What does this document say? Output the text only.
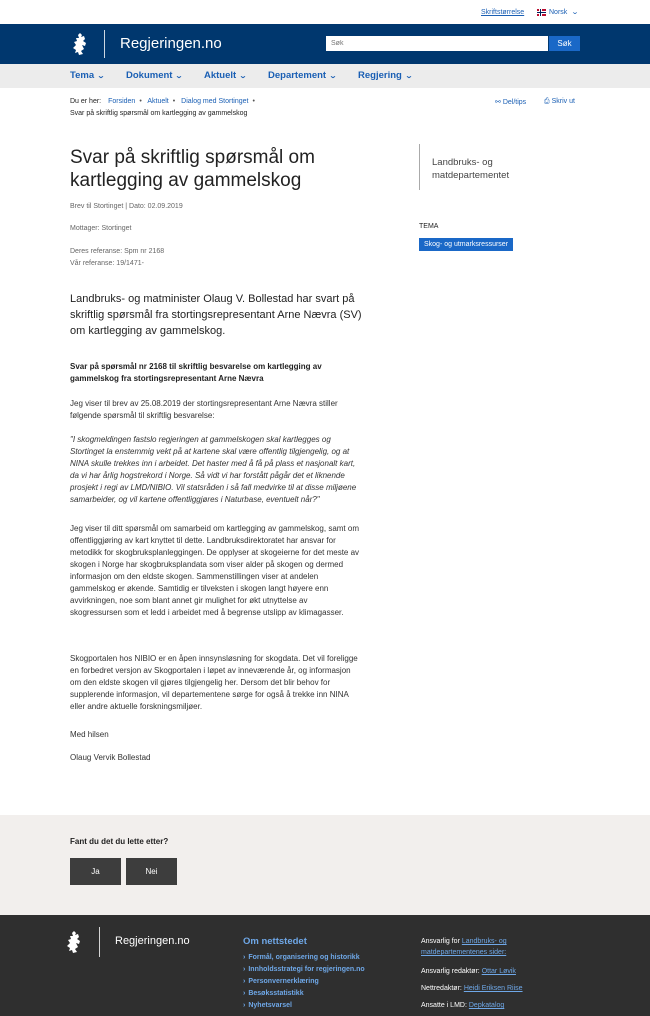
Skriftstørrelse	Norsk ⌄
Regjeringen.no
Søk	Søk
Tema ⌄ Dokument ⌄ Aktuelt ⌄ Departement ⌄ Regjering ⌄
Du er her: Forsiden • Aktuelt • Dialog med Stortinget •
Svar på skriftlig spørsmål om kartlegging av gammelskog
⚯ Del/tips	⎙ Skriv ut
Svar på skriftlig spørsmål om kartlegging av gammelskog
Brev til Stortinget | Dato: 02.09.2019
Mottager: Stortinget
Deres referanse: Spm nr 2168
Vår referanse: 19/1471-

Landbruks- og matminister Olaug V. Bollestad har svart på skriftlig spørsmål fra stortingsrepresentant Arne Nævra (SV) om kartlegging av gammelskog.

Svar på spørsmål nr 2168 til skriftlig besvarelse om kartlegging av gammelskog fra stortingsrepresentant Arne Nævra

Jeg viser til brev av 25.08.2019 der stortingsrepresentant Arne Nævra stiller følgende spørsmål til skriftlig besvarelse:

"I skogmeldingen fastslo regjeringen at gammelskogen skal kartlegges og Stortinget la enstemmig vekt på at kartene skal være offentlig tilgjengelig, og at NINA skulle trekkes inn i arbeidet. Det haster med å få på plass et nasjonalt kart, da vi har årlig hogstrekord i Norge. Så vidt vi har forstått pågår det et liknende prosjekt i regi av LMD/NIBIO. Vil statsråden i så fall medvirke til at disse miljøene samarbeider, og vil kartene offentliggjøres i Naturbase, eventuelt når?"

Jeg viser til ditt spørsmål om samarbeid om kartlegging av gammelskog, samt om offentliggjøring av kart knyttet til dette. Landbruksdirektoratet har ansvar for metodikk for skogbruksplanleggingen. De opplyser at skogeierne for det meste av skogen i Norge har skogbruksplandata som viser alder på skogen og dermed informasjon om den eldste skogen. Sammenstillingen viser at andelen gammelskog er økende. Samtidig er tilveksten i skogen langt høyere enn avvirkningen, noe som blant annet gir mulighet for økt utnyttelse av skogressursen som et ledd i arbeidet med å begrense utslipp av klimagasser.

Skogportalen hos NIBIO er en åpen innsynsløsning for skogdata. Det vil foreligge en forbedret versjon av Skogportalen i løpet av inneværende år, og informasjon om den eldste skogen vil gjøres tilgjengelig her. Dersom det blir behov for supplerende informasjon, vil departementene sørge for også å trekke inn NINA eller andre aktuelle forskningsmiljøer.

Med hilsen

Olaug Vervik Bollestad

Landbruks- og matdepartementet
TEMA
Skog- og utmarksressurser
Fant du det du lette etter?
Ja	Nei
Regjeringen.no	Om nettstedet
› Formål, organisering og historikk
› Innholdsstrategi for regjeringen.no
› Personvernerklæring
› Besøksstatistikk
› Nyhetsvarsel
Ansvarlig for Landbruks- og matdepartementenes sider:
Ansvarlig redaktør: Ottar Løvik
Nettredaktør: Heidi Eriksen Riise
Ansatte i LMD: Depkatalog
